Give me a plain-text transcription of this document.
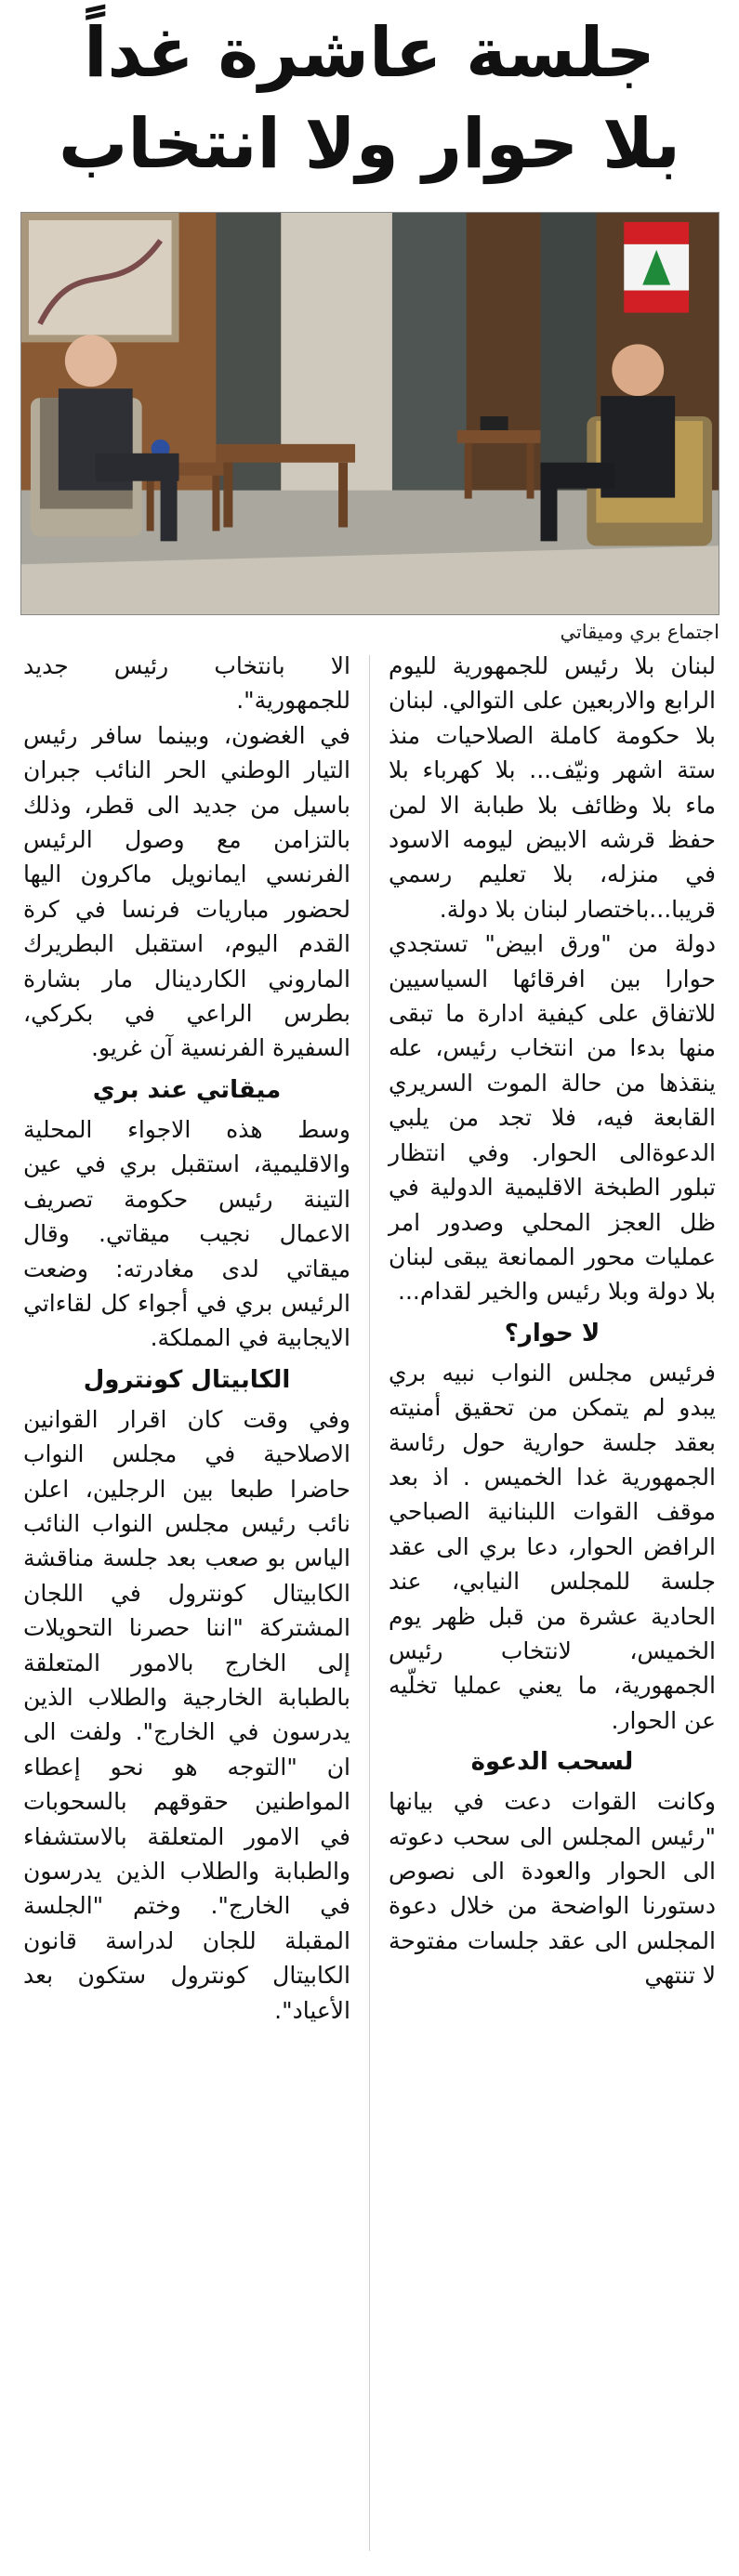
جلسة عاشرة غداً
بلا حوار ولا انتخاب
اجتماع بري وميقاتي

لبنان بلا رئيس للجمهورية لليوم الرابع والاربعين على التوالي. لبنان بلا حكومة كاملة الصلاحيات منذ ستة اشهر ونيّف... بلا كهرباء بلا ماء بلا وظائف بلا طبابة الا لمن حفظ قرشه الابيض ليومه الاسود في منزله، بلا تعليم رسمي قريبا...باختصار لبنان بلا دولة.

دولة من "ورق ابيض" تستجدي حوارا بين افرقائها السياسيين للاتفاق على كيفية ادارة ما تبقى منها بدءا من انتخاب رئيس، عله ينقذها من حالة الموت السريري القابعة فيه، فلا تجد من يلبي الدعوةالى الحوار. وفي انتظار تبلور الطبخة الاقليمية الدولية في ظل العجز المحلي وصدور امر عمليات محور الممانعة يبقى لبنان بلا دولة وبلا رئيس والخير لقدام...

لا حوار؟

فرئيس مجلس النواب نبيه بري يبدو لم يتمكن من تحقيق أمنيته بعقد جلسة حوارية حول رئاسة الجمهورية غدا الخميس . اذ بعد موقف القوات اللبنانية الصباحي الرافض الحوار، دعا بري الى عقد جلسة للمجلس النيابي، عند الحادية عشرة من قبل ظهر يوم الخميس، لانتخاب رئيس الجمهورية، ما يعني عمليا تخلّيه عن الحوار.

لسحب الدعوة

وكانت القوات دعت في بيانها "رئيس المجلس الى سحب دعوته الى الحوار والعودة الى نصوص دستورنا الواضحة من خلال دعوة المجلس الى عقد جلسات مفتوحة لا تنتهي

الا بانتخاب رئيس جديد للجمهورية".

في الغضون، وبينما سافر رئيس التيار الوطني الحر النائب جبران باسيل من جديد الى قطر، وذلك بالتزامن مع وصول الرئيس الفرنسي ايمانويل ماكرون اليها لحضور مباريات فرنسا في كرة القدم اليوم، استقبل البطريرك الماروني الكاردينال مار بشارة بطرس الراعي في بكركي، السفيرة الفرنسية آن غريو.

ميقاتي عند بري

وسط هذه الاجواء المحلية والاقليمية، استقبل بري في عين التينة رئيس حكومة تصريف الاعمال نجيب ميقاتي. وقال ميقاتي لدى مغادرته: وضعت الرئيس بري في أجواء كل لقاءاتي الايجابية في المملكة.

الكابيتال كونترول

وفي وقت كان اقرار القوانين الاصلاحية في مجلس النواب حاضرا طبعا بين الرجلين، اعلن نائب رئيس مجلس النواب النائب الياس بو صعب بعد جلسة مناقشة الكابيتال كونترول في اللجان المشتركة "اننا حصرنا التحويلات إلى الخارج بالامور المتعلقة بالطبابة الخارجية والطلاب الذين يدرسون في الخارج". ولفت الى ان "التوجه هو نحو إعطاء المواطنين حقوقهم بالسحوبات في الامور المتعلقة بالاستشفاء والطبابة والطلاب الذين يدرسون في الخارج". وختم "الجلسة المقبلة للجان لدراسة قانون الكابيتال كونترول ستكون بعد الأعياد".
